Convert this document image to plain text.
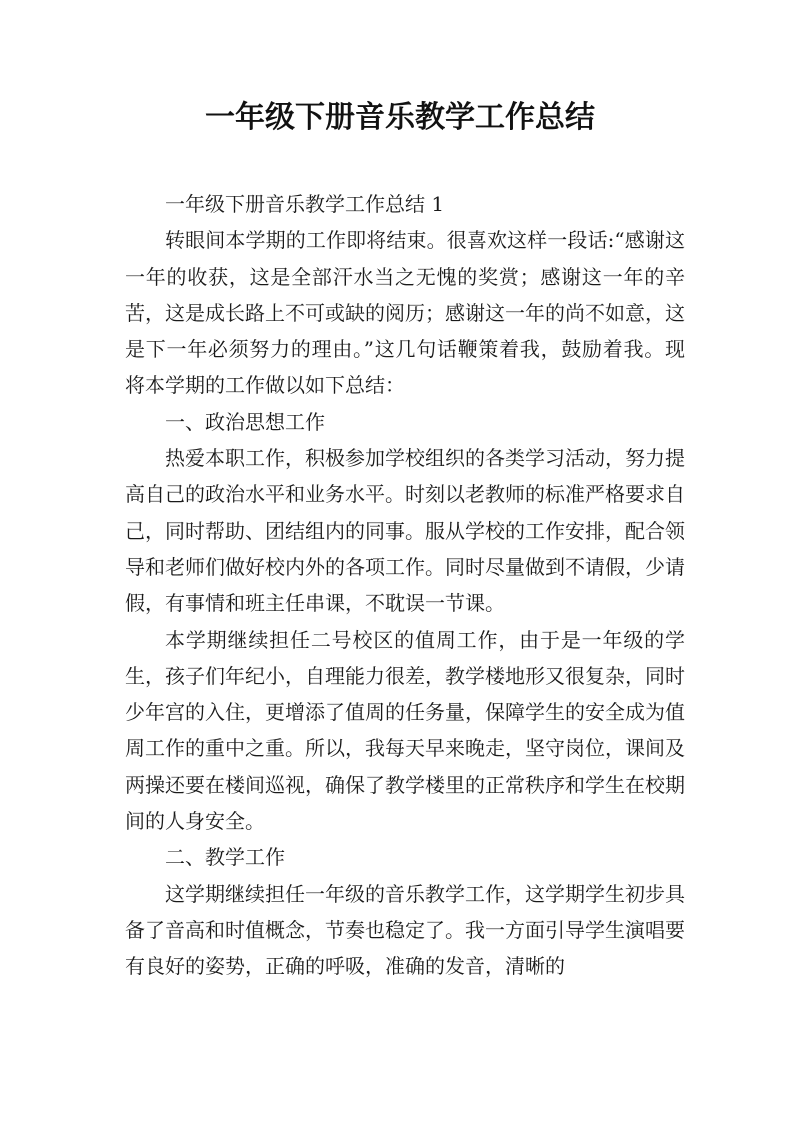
一年级下册音乐教学工作总结

一年级下册音乐教学工作总结 1

转眼间本学期的工作即将结束。很喜欢这样一段话:“感谢这一年的收获，这是全部汗水当之无愧的奖赏；感谢这一年的辛苦，这是成长路上不可或缺的阅历；感谢这一年的尚不如意，这是下一年必须努力的理由。”这几句话鞭策着我，鼓励着我。现将本学期的工作做以如下总结：

一、政治思想工作

热爱本职工作，积极参加学校组织的各类学习活动，努力提高自己的政治水平和业务水平。时刻以老教师的标准严格要求自己，同时帮助、团结组内的同事。服从学校的工作安排，配合领导和老师们做好校内外的各项工作。同时尽量做到不请假，少请假，有事情和班主任串课，不耽误一节课。

本学期继续担任二号校区的值周工作，由于是一年级的学生，孩子们年纪小，自理能力很差，教学楼地形又很复杂，同时少年宫的入住，更增添了值周的任务量，保障学生的安全成为值周工作的重中之重。所以，我每天早来晚走，坚守岗位，课间及两操还要在楼间巡视，确保了教学楼里的正常秩序和学生在校期间的人身安全。

二、教学工作

这学期继续担任一年级的音乐教学工作，这学期学生初步具备了音高和时值概念，节奏也稳定了。我一方面引导学生演唱要有良好的姿势，正确的呼吸，准确的发音，清晰的
